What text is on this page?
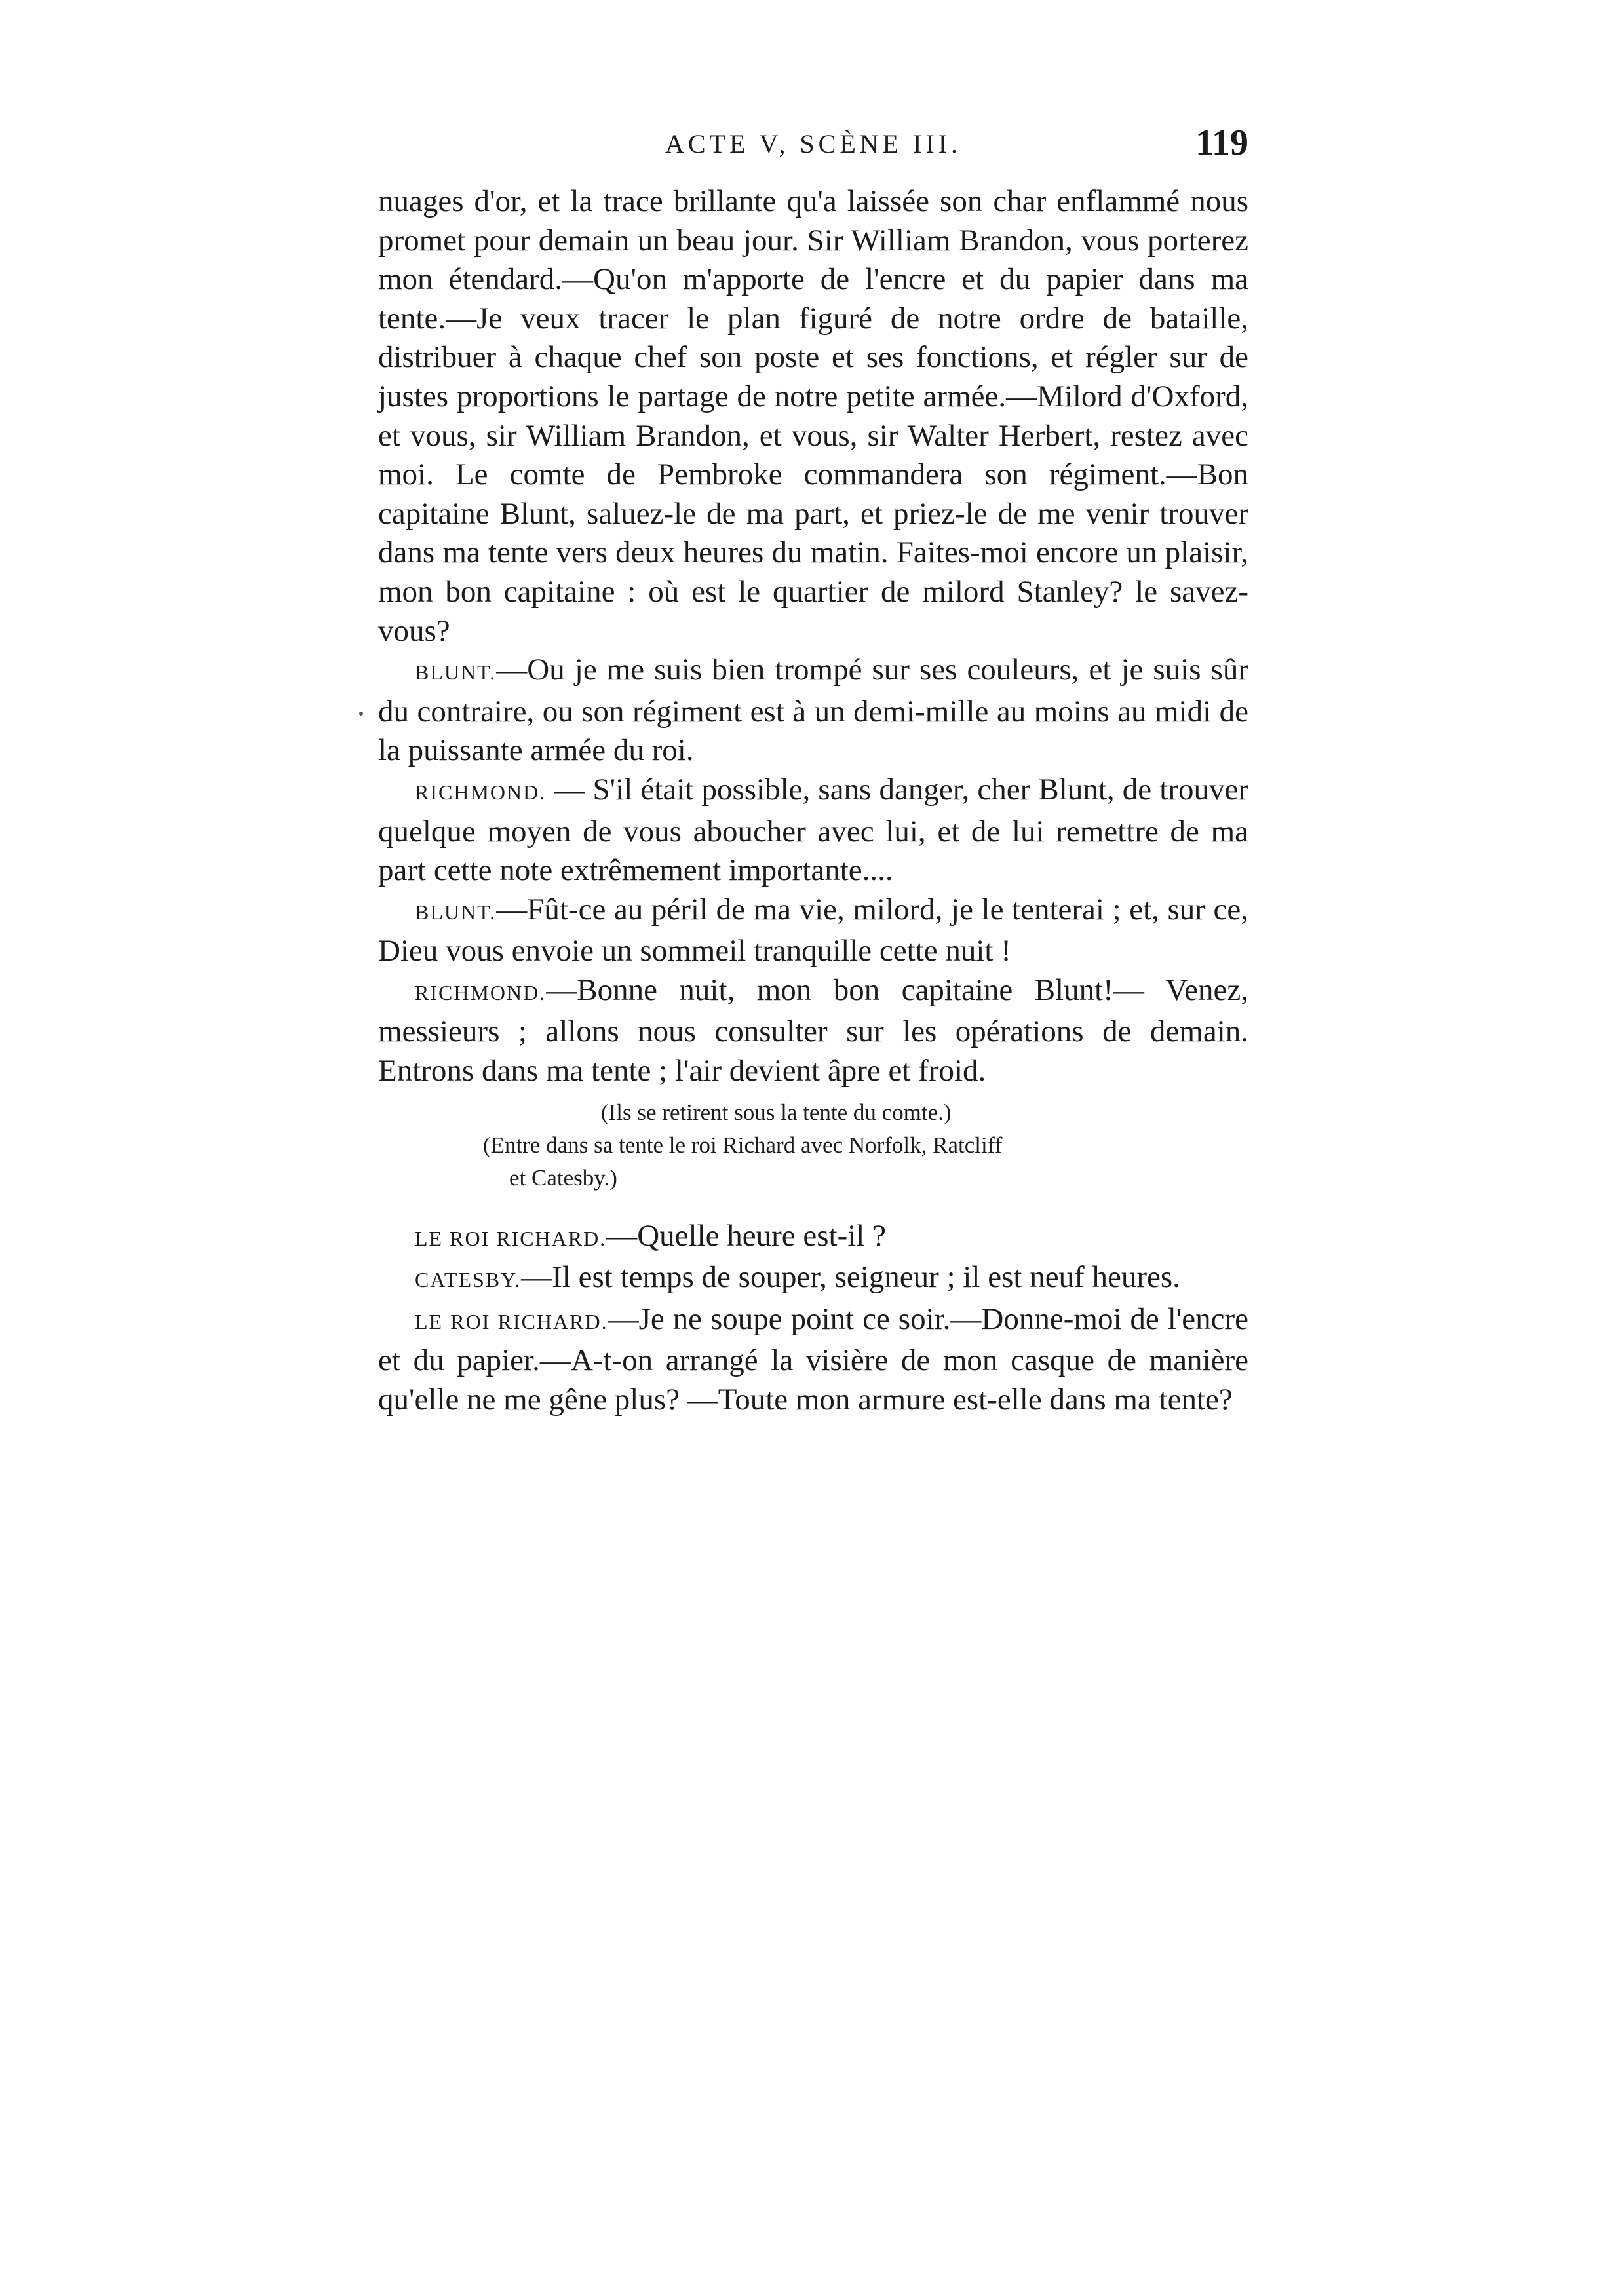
ACTE V, SCÈNE III.	119

nuages d'or, et la trace brillante qu'a laissée son char enflammé nous promet pour demain un beau jour. Sir William Brandon, vous porterez mon étendard.—Qu'on m'apporte de l'encre et du papier dans ma tente.—Je veux tracer le plan figuré de notre ordre de bataille, distribuer à chaque chef son poste et ses fonctions, et régler sur de justes proportions le partage de notre petite armée.—Milord d'Oxford, et vous, sir William Brandon, et vous, sir Walter Herbert, restez avec moi. Le comte de Pembroke commandera son régiment.—Bon capitaine Blunt, saluez-le de ma part, et priez-le de me venir trouver dans ma tente vers deux heures du matin. Faites-moi encore un plaisir, mon bon capitaine : où est le quartier de milord Stanley? le savez-vous?

BLUNT.—Ou je me suis bien trompé sur ses couleurs, et je suis sûr du contraire, ou son régiment est à un demi-mille au moins au midi de la puissante armée du roi.

RICHMOND. — S'il était possible, sans danger, cher Blunt, de trouver quelque moyen de vous aboucher avec lui, et de lui remettre de ma part cette note extrêmement importante....

BLUNT.—Fût-ce au péril de ma vie, milord, je le tenterai ; et, sur ce, Dieu vous envoie un sommeil tranquille cette nuit !

RICHMOND.—Bonne nuit, mon bon capitaine Blunt!— Venez, messieurs ; allons nous consulter sur les opérations de demain. Entrons dans ma tente ; l'air devient âpre et froid.

(Ils se retirent sous la tente du comte.)

(Entre dans sa tente le roi Richard avec Norfolk, Ratcliff

et Catesby.)

LE ROI RICHARD.—Quelle heure est-il ?

CATESBY.—Il est temps de souper, seigneur ; il est neuf heures.

LE ROI RICHARD.—Je ne soupe point ce soir.—Donne-moi de l'encre et du papier.—A-t-on arrangé la visière de mon casque de manière qu'elle ne me gêne plus? —Toute mon armure est-elle dans ma tente?
